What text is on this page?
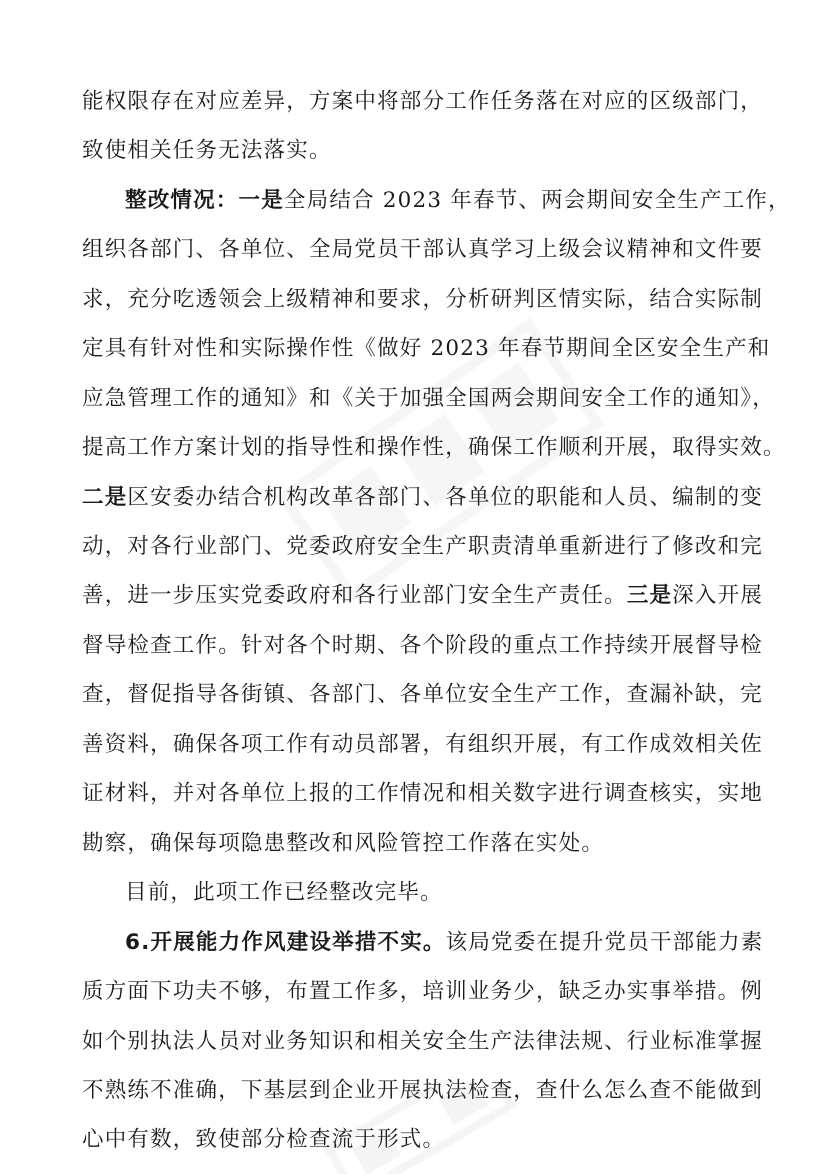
能权限存在对应差异，方案中将部分工作任务落在对应的区级部门，
致使相关任务无法落实。
整改情况：一是全局结合 2023 年春节、两会期间安全生产工作，
组织各部门、各单位、全局党员干部认真学习上级会议精神和文件要
求，充分吃透领会上级精神和要求，分析研判区情实际，结合实际制
定具有针对性和实际操作性《做好 2023 年春节期间全区安全生产和
应急管理工作的通知》和《关于加强全国两会期间安全工作的通知》，
提高工作方案计划的指导性和操作性，确保工作顺利开展，取得实效。
二是区安委办结合机构改革各部门、各单位的职能和人员、编制的变
动，对各行业部门、党委政府安全生产职责清单重新进行了修改和完
善，进一步压实党委政府和各行业部门安全生产责任。三是深入开展
督导检查工作。针对各个时期、各个阶段的重点工作持续开展督导检
查，督促指导各街镇、各部门、各单位安全生产工作，查漏补缺，完
善资料，确保各项工作有动员部署，有组织开展，有工作成效相关佐
证材料，并对各单位上报的工作情况和相关数字进行调查核实，实地
勘察，确保每项隐患整改和风险管控工作落在实处。
目前，此项工作已经整改完毕。
6.开展能力作风建设举措不实。该局党委在提升党员干部能力素
质方面下功夫不够，布置工作多，培训业务少，缺乏办实事举措。例
如个别执法人员对业务知识和相关安全生产法律法规、行业标准掌握
不熟练不准确，下基层到企业开展执法检查，查什么怎么查不能做到
心中有数，致使部分检查流于形式。
